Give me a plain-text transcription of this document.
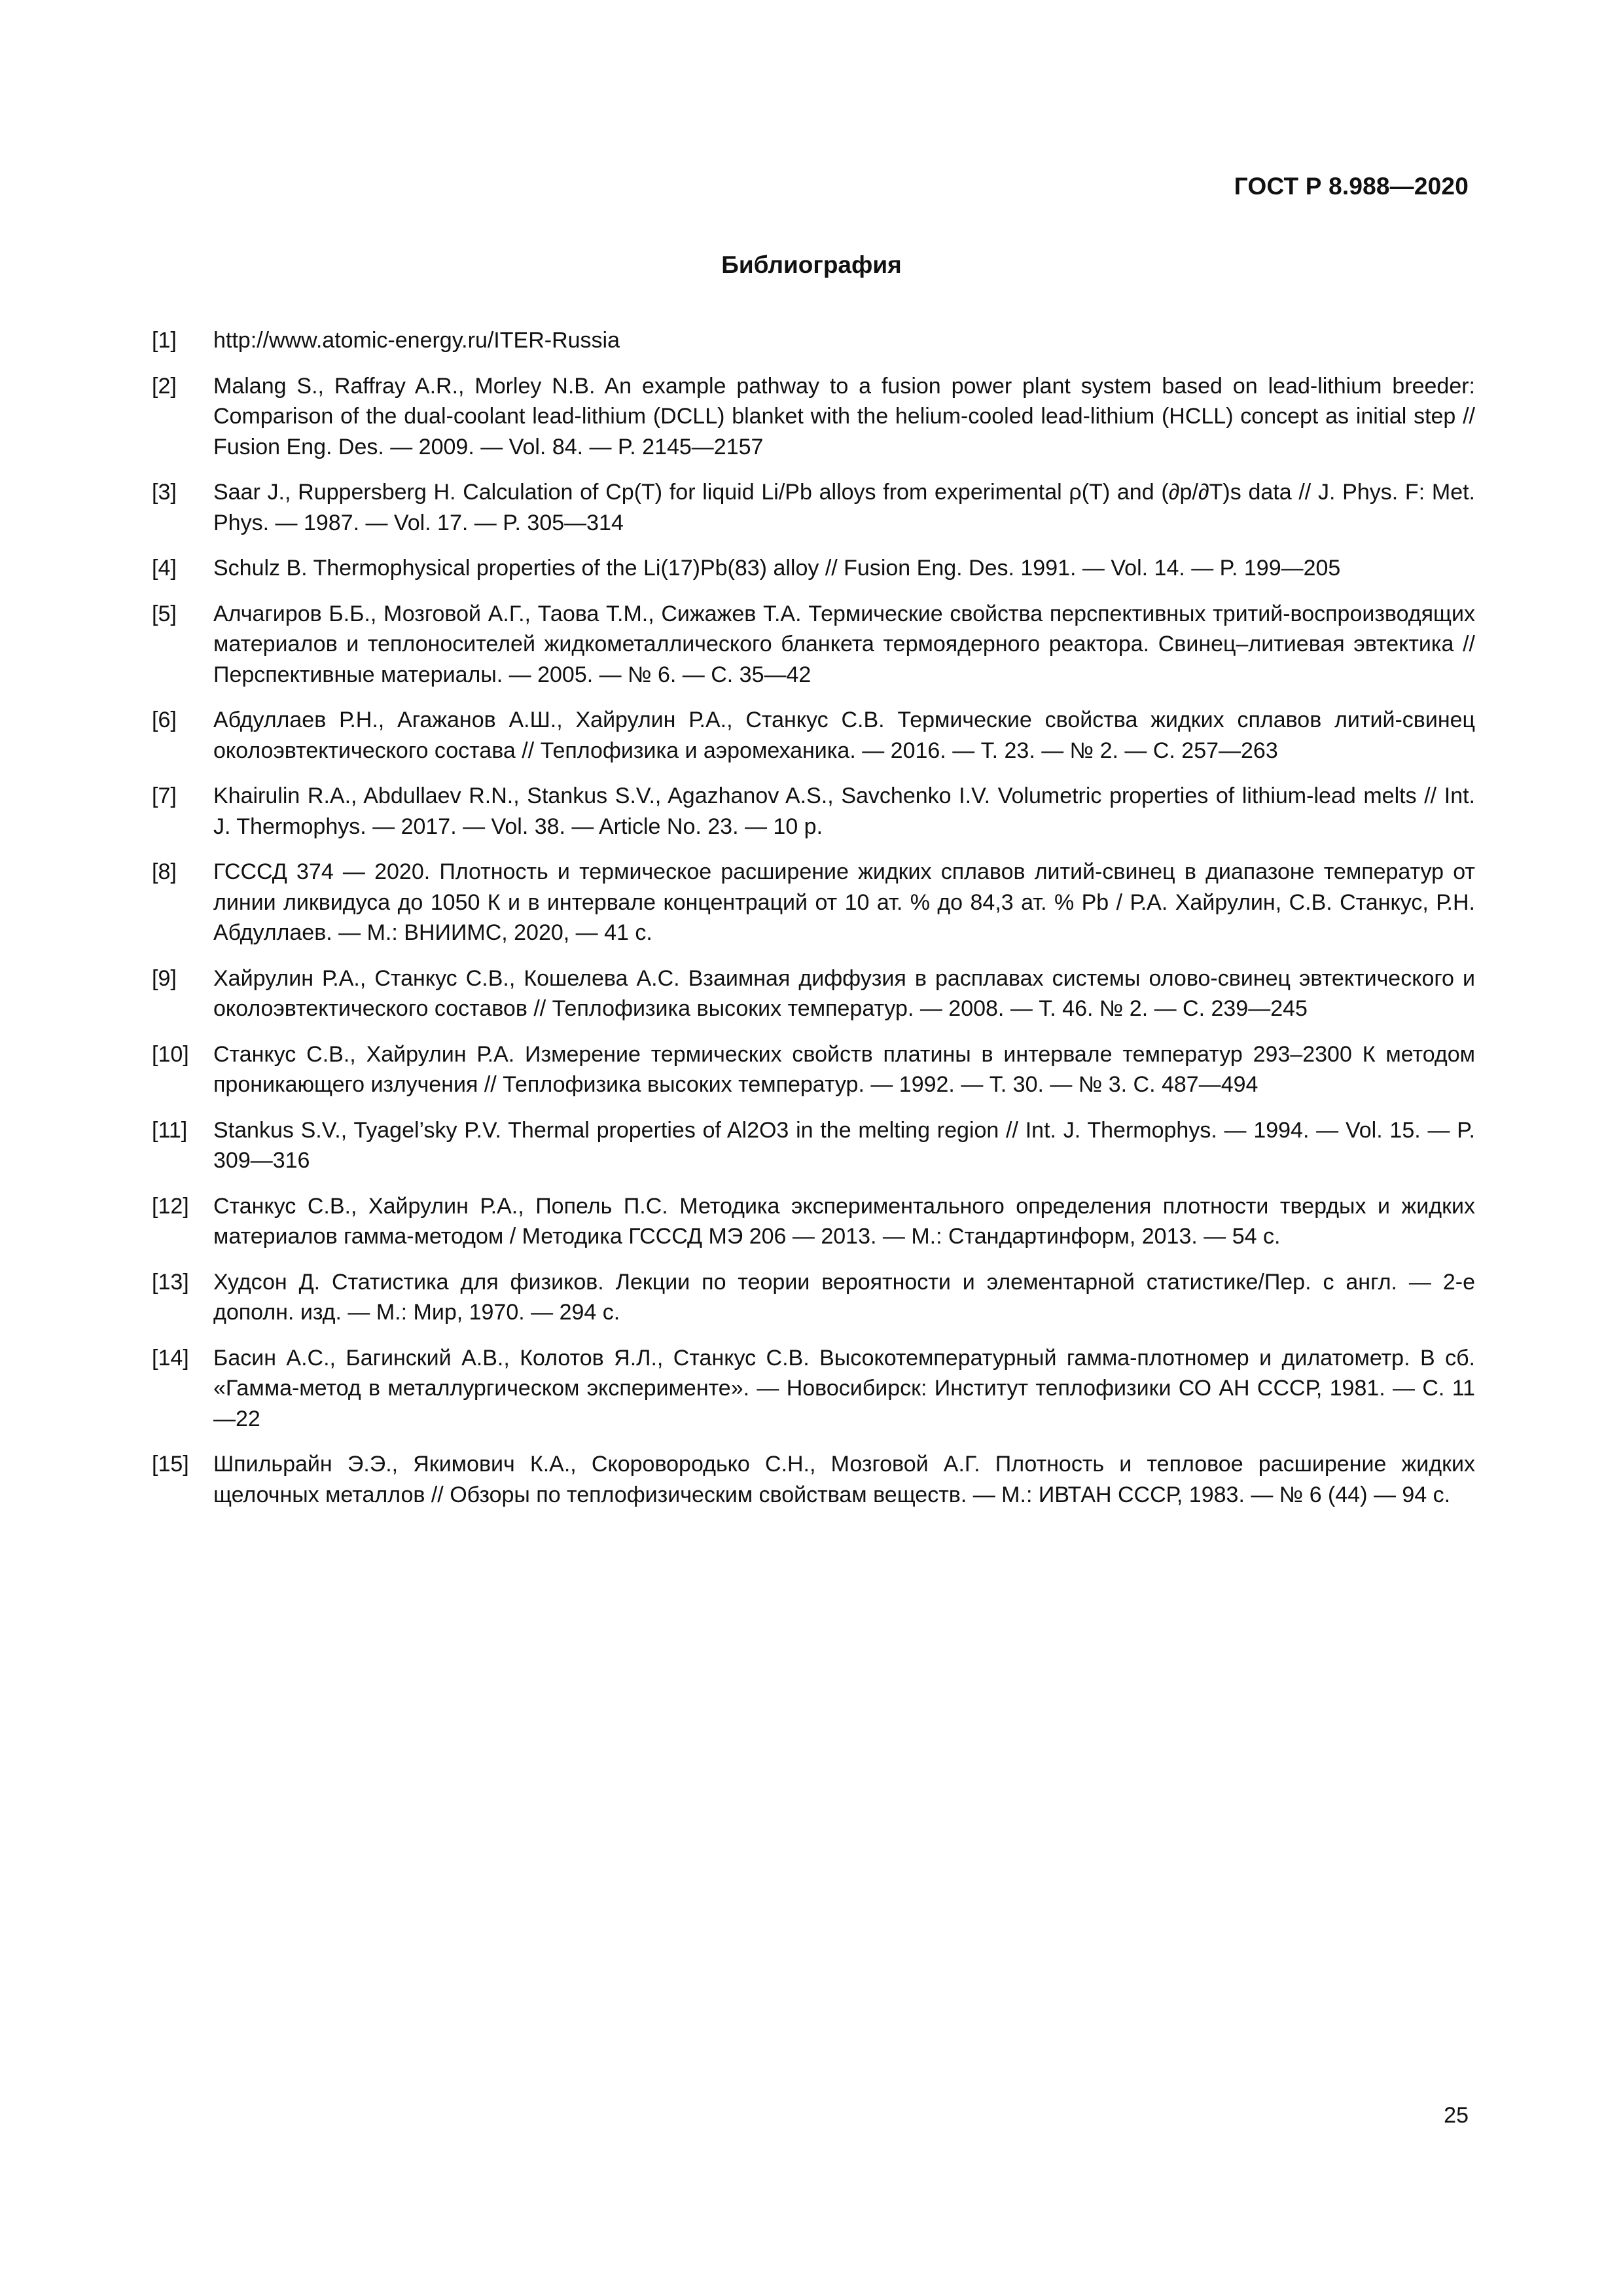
ГОСТ Р 8.988—2020
Библиография
[1]	http://www.atomic-energy.ru/ITER-Russia
[2]	Malang S., Raffray A.R., Morley N.B. An example pathway to a fusion power plant system based on lead-lithium breeder: Comparison of the dual-coolant lead-lithium (DCLL) blanket with the helium-cooled lead-lithium (HCLL) concept as initial step // Fusion Eng. Des. — 2009. — Vol. 84. — P. 2145—2157
[3]	Saar J., Ruppersberg H. Calculation of Cp(T) for liquid Li/Pb alloys from experimental ρ(T) and (∂p/∂T)s data // J. Phys. F: Met. Phys. — 1987. — Vol. 17. — P. 305—314
[4]	Schulz B. Thermophysical properties of the Li(17)Pb(83) alloy // Fusion Eng. Des. 1991. — Vol. 14. — P. 199—205
[5]	Алчагиров Б.Б., Мозговой А.Г., Таова Т.М., Сижажев Т.А. Термические свойства перспективных тритий-воспроизводящих материалов и теплоносителей жидкометаллического бланкета термоядерного реактора. Свинец–литиевая эвтектика // Перспективные материалы. — 2005. — № 6. — С. 35—42
[6]	Абдуллаев Р.Н., Агажанов А.Ш., Хайрулин Р.А., Станкус С.В. Термические свойства жидких сплавов литий-свинец околоэвтектического состава // Теплофизика и аэромеханика. — 2016. — Т. 23. — № 2. — С. 257—263
[7]	Khairulin R.A., Abdullaev R.N., Stankus S.V., Agazhanov A.S., Savchenko I.V. Volumetric properties of lithium-lead melts // Int. J. Thermophys. — 2017. — Vol. 38. — Article No. 23. — 10 p.
[8]	ГСССД 374 — 2020. Плотность и термическое расширение жидких сплавов литий-свинец в диапазоне температур от линии ликвидуса до 1050 К и в интервале концентраций от 10 ат. % до 84,3 ат. % Pb / Р.А. Хайрулин, С.В. Станкус, Р.Н. Абдуллаев. — М.: ВНИИМС, 2020, — 41 с.
[9]	Хайрулин Р.А., Станкус С.В., Кошелева А.С. Взаимная диффузия в расплавах системы олово-свинец эвтектического и околоэвтектического составов // Теплофизика высоких температур. — 2008. — Т. 46. № 2. — С. 239—245
[10]	Станкус С.В., Хайрулин Р.А. Измерение термических свойств платины в интервале температур 293–2300 К методом проникающего излучения // Теплофизика высоких температур. — 1992. — Т. 30. — № 3. С. 487—494
[11]	Stankus S.V., Tyagel’sky P.V. Thermal properties of Al2O3 in the melting region // Int. J. Thermophys. — 1994. — Vol. 15. — P. 309—316
[12]	Станкус С.В., Хайрулин Р.А., Попель П.С. Методика экспериментального определения плотности твердых и жидких материалов гамма-методом / Методика ГСССД МЭ 206 — 2013. — М.: Стандартинформ, 2013. — 54 с.
[13]	Худсон Д. Статистика для физиков. Лекции по теории вероятности и элементарной статистике/Пер. с англ. — 2-е дополн. изд. — М.: Мир, 1970. — 294 с.
[14]	Басин А.С., Багинский А.В., Колотов Я.Л., Станкус С.В. Высокотемпературный гамма-плотномер и дилатометр. В сб. «Гамма-метод в металлургическом эксперименте». — Новосибирск: Институт теплофизики СО АН СССР, 1981. — С. 11—22
[15]	Шпильрайн Э.Э., Якимович К.А., Скоровородько С.Н., Мозговой А.Г. Плотность и тепловое расширение жидких щелочных металлов // Обзоры по теплофизическим свойствам веществ. — М.: ИВТАН СССР, 1983. — № 6 (44) — 94 с.
25
